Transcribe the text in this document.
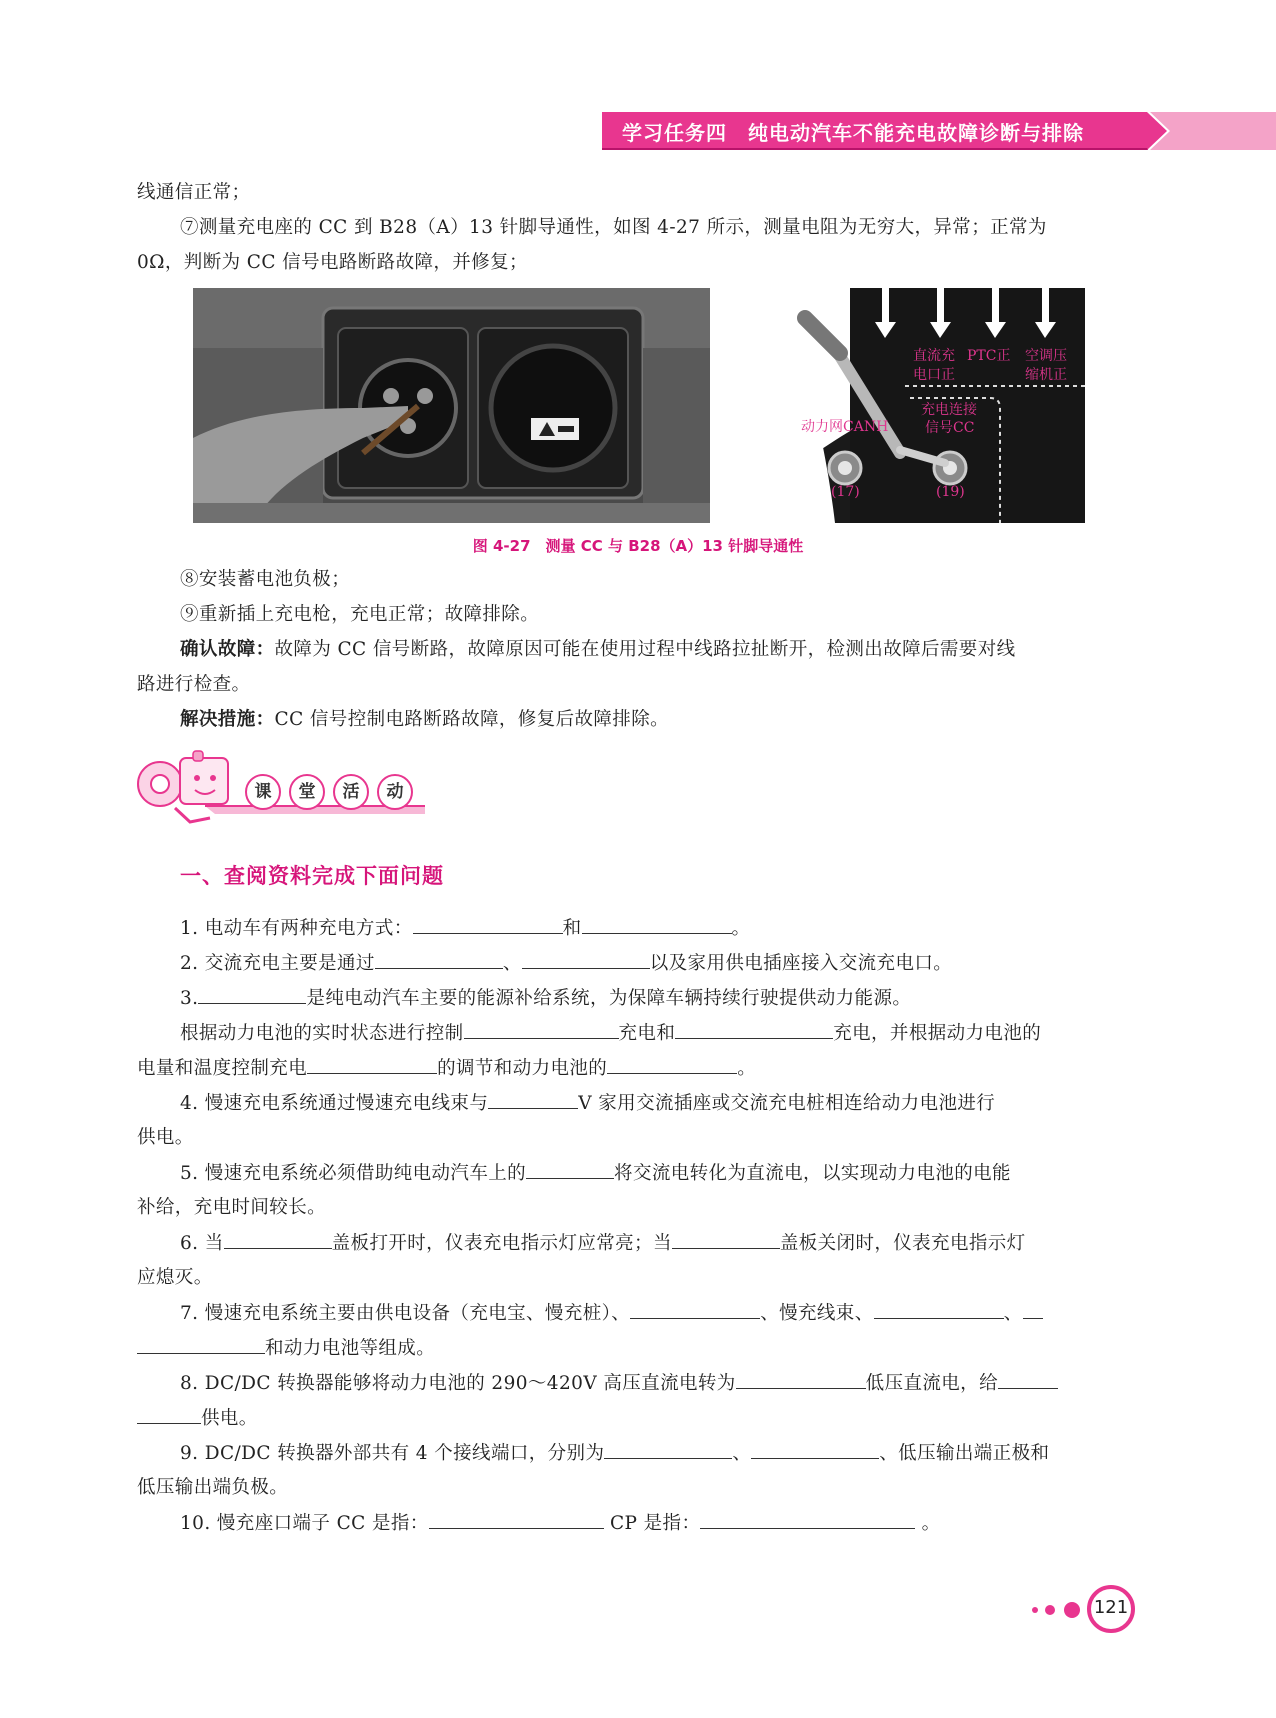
学习任务四　纯电动汽车不能充电故障诊断与排除
线通信正常；
⑦测量充电座的 CC 到 B28（A）13 针脚导通性，如图 4-27 所示，测量电阻为无穷大，异常；正常为
0Ω，判断为 CC 信号电路断路故障，并修复；
直流充
电口正
PTC正 空调压
缩机正
动力网CANH
充电连接
信号CC
(17)	(19)
图 4-27　测量 CC 与 B28（A）13 针脚导通性
⑧安装蓄电池负极；
⑨重新插上充电枪，充电正常；故障排除。
确认故障：故障为 CC 信号断路，故障原因可能在使用过程中线路拉扯断开，检测出故障后需要对线
路进行检查。
解决措施：CC 信号控制电路断路故障，修复后故障排除。
课	堂	活	动
一、查阅资料完成下面问题
1. 电动车有两种充电方式：	和	。
2. 交流充电主要是通过	、	以及家用供电插座接入交流充电口。
3.	是纯电动汽车主要的能源补给系统，为保障车辆持续行驶提供动力能源。
根据动力电池的实时状态进行控制	充电和	充电，并根据动力电池的
电量和温度控制充电	的调节和动力电池的	。
4. 慢速充电系统通过慢速充电线束与	V 家用交流插座或交流充电桩相连给动力电池进行
供电。
5. 慢速充电系统必须借助纯电动汽车上的	将交流电转化为直流电，以实现动力电池的电能
补给，充电时间较长。
6. 当	盖板打开时，仪表充电指示灯应常亮；当	盖板关闭时，仪表充电指示灯
应熄灭。
7. 慢速充电系统主要由供电设备（充电宝、慢充桩）、	、慢充线束、	、
和动力电池等组成。
8. DC/DC 转换器能够将动力电池的 290～420V 高压直流电转为	低压直流电，给
供电。
9. DC/DC 转换器外部共有 4 个接线端口，分别为	、	、低压输出端正极和
低压输出端负极。
10. 慢充座口端子 CC 是指：	CP 是指：	。
121
